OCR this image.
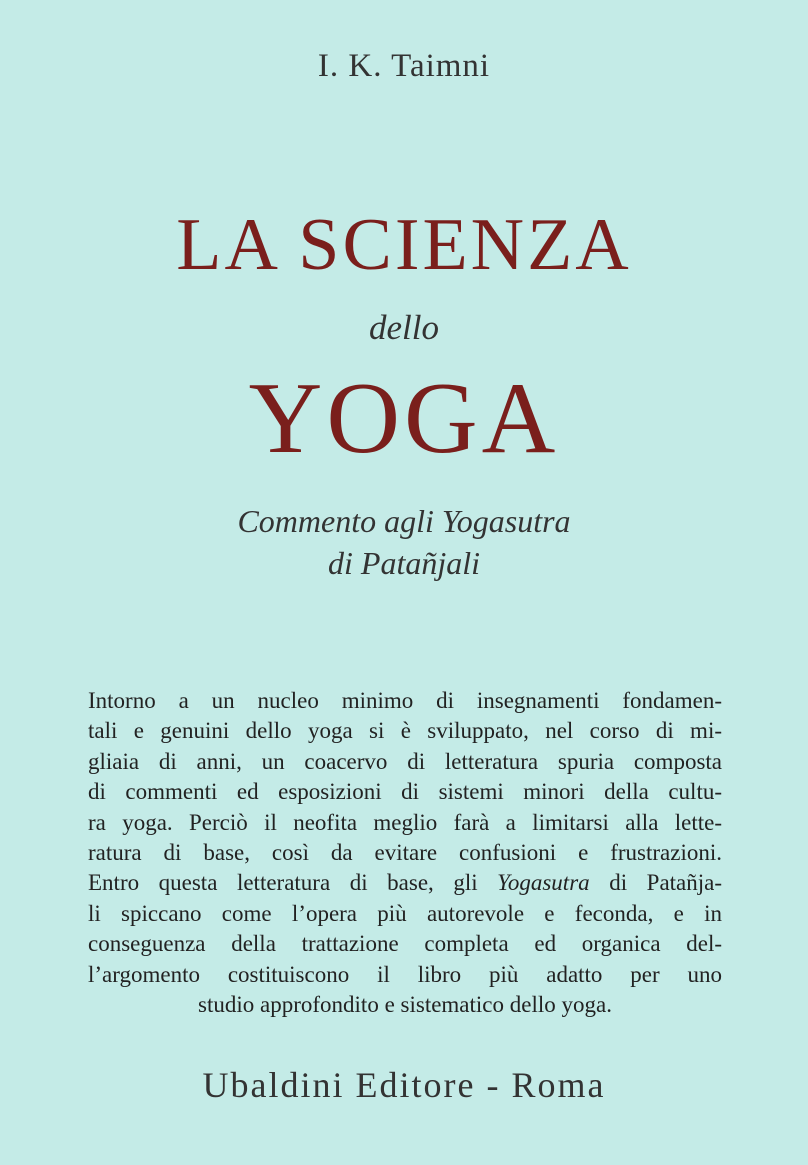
I. K. Taimni
LA SCIENZA
dello
YOGA
Commento agli Yogasutra
di Patañjali
Intorno a un nucleo minimo di insegnamenti fondamen-
tali e genuini dello yoga si è sviluppato, nel corso di mi-
gliaia di anni, un coacervo di letteratura spuria composta
di commenti ed esposizioni di sistemi minori della cultu-
ra yoga. Perciò il neofita meglio farà a limitarsi alla lette-
ratura di base, così da evitare confusioni e frustrazioni.
Entro questa letteratura di base, gli Yogasutra di Patañja-
li spiccano come l’opera più autorevole e feconda, e in
conseguenza della trattazione completa ed organica del-
l’argomento costituiscono il libro più adatto per uno
studio approfondito e sistematico dello yoga.
Ubaldini Editore - Roma
